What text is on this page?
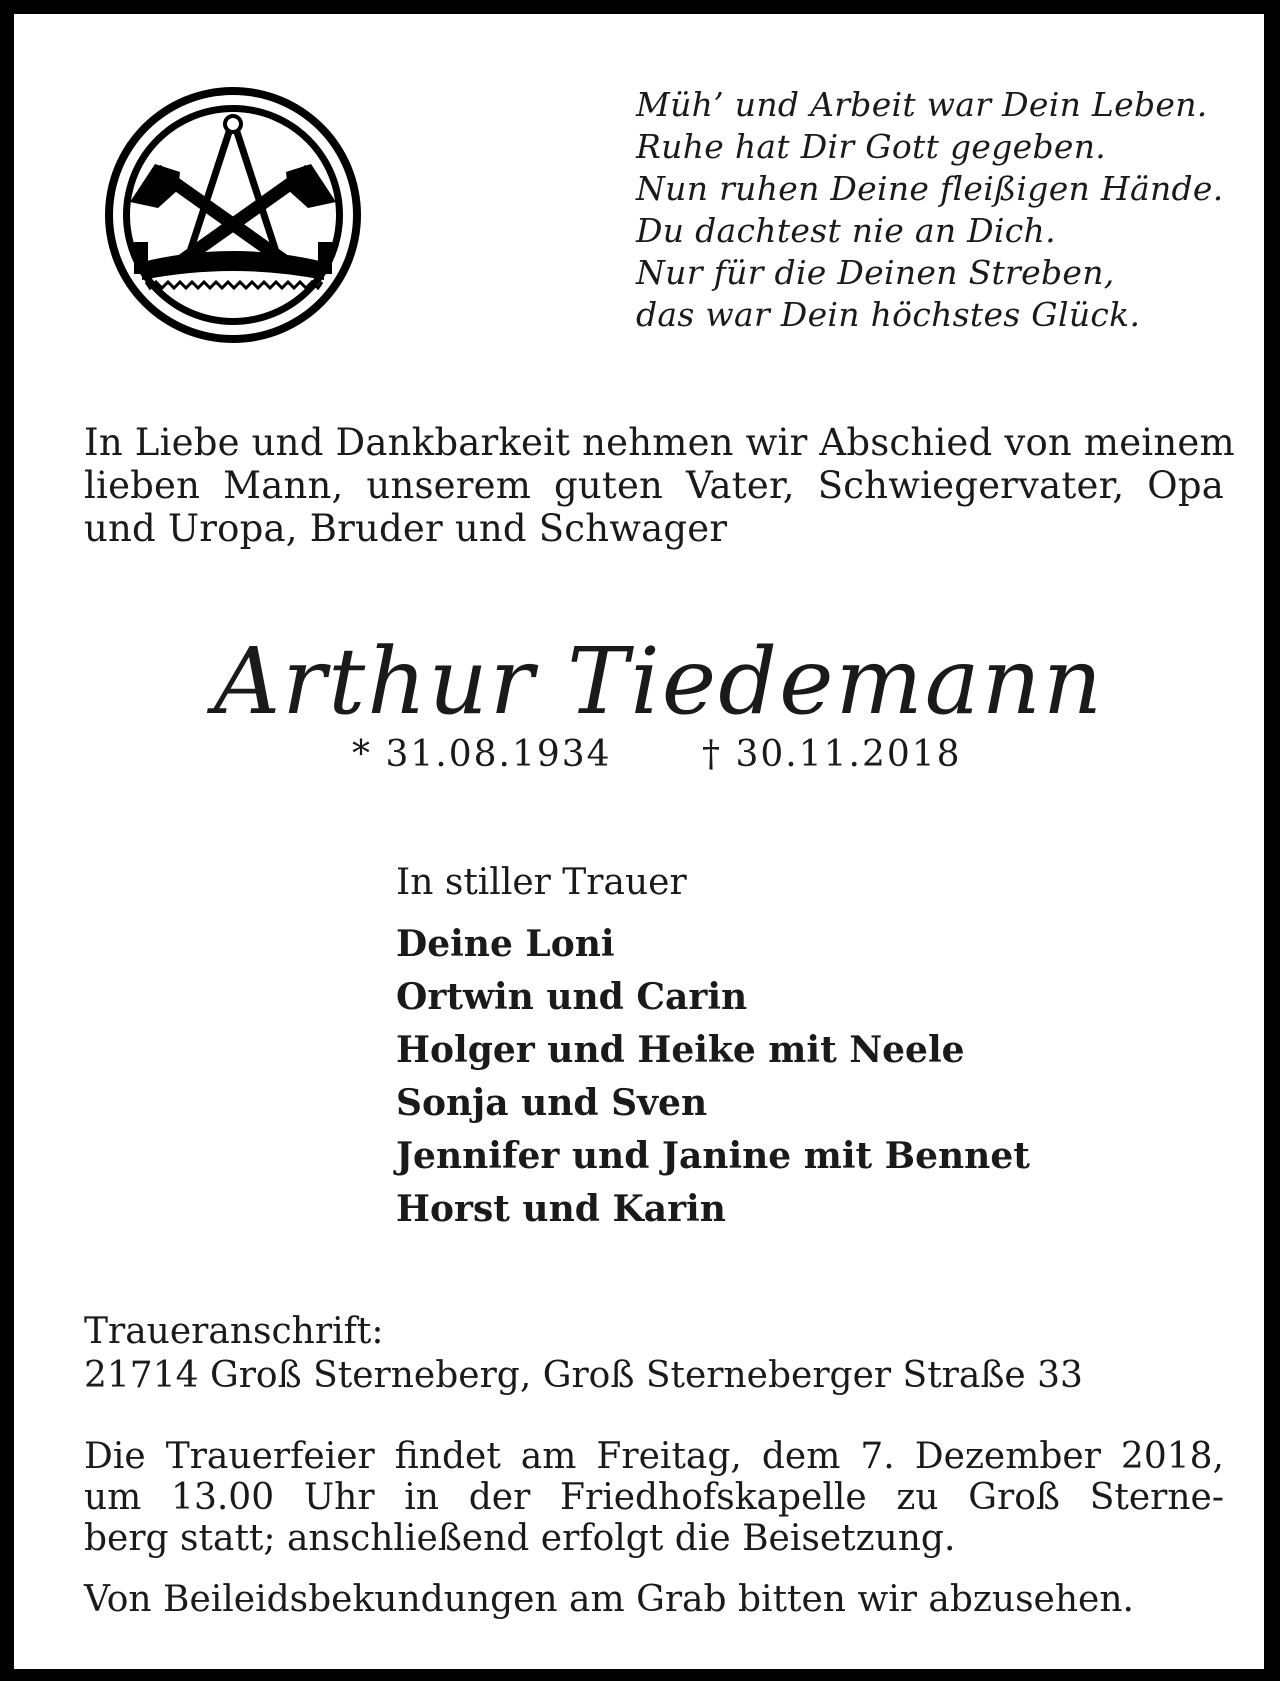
Müh’ und Arbeit war Dein Leben.
Ruhe hat Dir Gott gegeben.
Nun ruhen Deine fleißigen Hände.
Du dachtest nie an Dich.
Nur für die Deinen Streben,
das war Dein höchstes Glück.
In Liebe und Dankbarkeit nehmen wir Abschied von meinem
lieben Mann, unserem guten Vater, Schwiegervater, Opa
und Uropa, Bruder und Schwager
Arthur Tiedemann
* 31.08.1934	† 30.11.2018
In stiller Trauer
Deine Loni
Ortwin und Carin
Holger und Heike mit Neele
Sonja und Sven
Jennifer und Janine mit Bennet
Horst und Karin
Traueranschrift:
21714 Groß Sterneberg, Groß Sterneberger Straße 33
Die Trauerfeier findet am Freitag, dem 7. Dezember 2018,
um 13.00 Uhr in der Friedhofskapelle zu Groß Sterne-
berg statt; anschließend erfolgt die Beisetzung.
Von Beileidsbekundungen am Grab bitten wir abzusehen.
